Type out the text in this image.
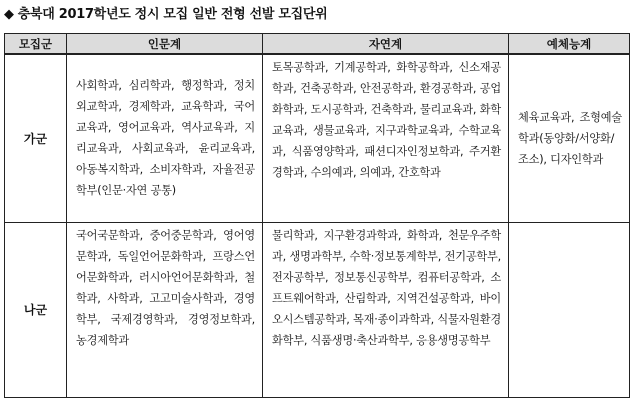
◆ 충북대 2017학년도 정시 모집 일반 전형 선발 모집단위
모집군	인문계	자연계	예체능계
가군	사회학과, 심리학과, 행정학과, 정치외교학과, 경제학과, 교육학과, 국어교육과, 영어교육과, 역사교육과, 지리교육과, 사회교육과, 윤리교육과, 아동복지학과, 소비자학과, 자율전공학부(인문·자연 공통)	토목공학과, 기계공학과, 화학공학과, 신소재공학과, 건축공학과, 안전공학과, 환경공학과, 공업화학과, 도시공학과, 건축학과, 물리교육과, 화학교육과, 생물교육과, 지구과학교육과, 수학교육과, 식품영양학과, 패션디자인정보학과, 주거환경학과, 수의예과, 의예과, 간호학과	체육교육과, 조형예술학과(동양화/서양화/조소), 디자인학과
나군	국어국문학과, 중어중문학과, 영어영문학과, 독일언어문화학과, 프랑스언어문화학과, 러시아언어문화학과, 철학과, 사학과, 고고미술사학과, 경영학부, 국제경영학과, 경영정보학과, 농경제학과	물리학과, 지구환경과학과, 화학과, 천문우주학과, 생명과학부, 수학·정보통계학부, 전기공학부, 전자공학부, 정보통신공학부, 컴퓨터공학과, 소프트웨어학과, 산림학과, 지역건설공학과, 바이오시스템공학과, 목재·종이과학과, 식물자원환경화학부, 식품생명·축산과학부, 응용생명공학부	
